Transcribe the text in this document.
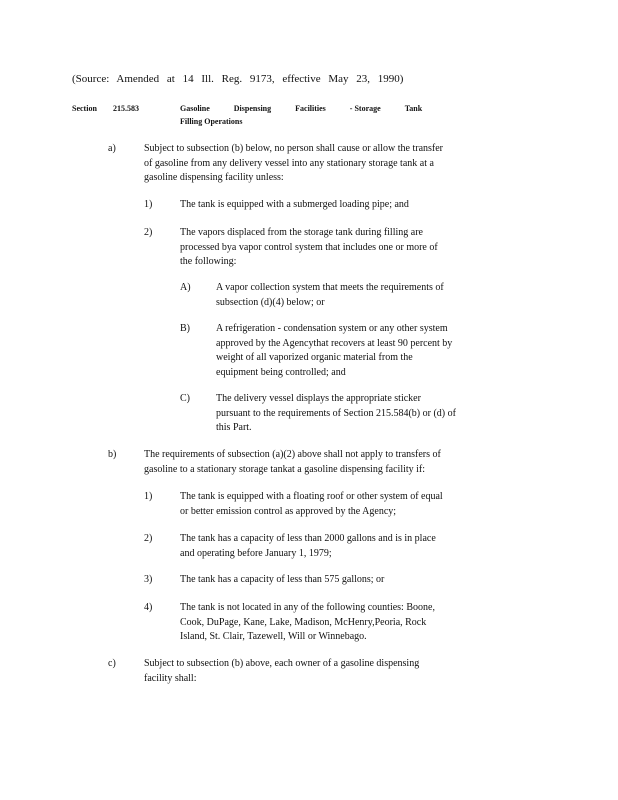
(Source: Amended at 14 Ill. Reg. 9173, effective May 23, 1990)
Section 215.583	Gasoline	Dispensing	Facilities	- Storage	Tank
Filling Operations
a)	Subject to subsection (b) below, no person shall cause or allow the transfer
of gasoline from any delivery vessel into any stationary storage tank at a
gasoline dispensing facility unless:
1)	The tank is equipped with a submerged loading pipe; and
2)	The vapors displaced from the storage tank during filling are
processed bya vapor control system that includes one or more of
the following:
A)	A vapor collection system that meets the requirements of
subsection (d)(4) below; or
B)	A refrigeration - condensation system or any other system
approved by the Agencythat recovers at least 90 percent by
weight of all vaporized organic material from the
equipment being controlled; and
C)	The delivery vessel displays the appropriate sticker
pursuant to the requirements of Section 215.584(b) or (d) of
this Part.
b)	The requirements of subsection (a)(2) above shall not apply to transfers of
gasoline to a stationary storage tankat a gasoline dispensing facility if:
1)	The tank is equipped with a floating roof or other system of equal
or better emission control as approved by the Agency;
2)	The tank has a capacity of less than 2000 gallons and is in place
and operating before January 1, 1979;
3)	The tank has a capacity of less than 575 gallons; or
4)	The tank is not located in any of the following counties: Boone,
Cook, DuPage, Kane, Lake, Madison, McHenry,Peoria, Rock
Island, St. Clair, Tazewell, Will or Winnebago.
c)	Subject to subsection (b) above, each owner of a gasoline dispensing
facility shall:
